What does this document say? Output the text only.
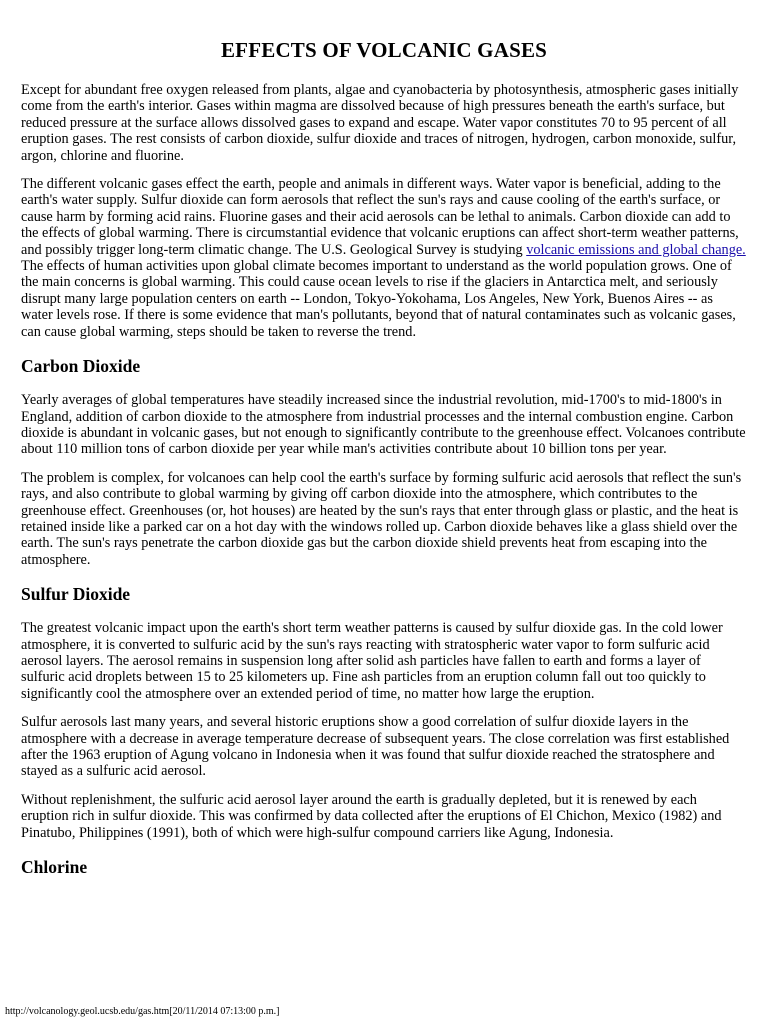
EFFECTS OF VOLCANIC GASES

Except for abundant free oxygen released from plants, algae and cyanobacteria by photosynthesis, atmospheric gases initially come from the earth's interior. Gases within magma are dissolved because of high pressures beneath the earth's surface, but reduced pressure at the surface allows dissolved gases to expand and escape. Water vapor constitutes 70 to 95 percent of all eruption gases. The rest consists of carbon dioxide, sulfur dioxide and traces of nitrogen, hydrogen, carbon monoxide, sulfur, argon, chlorine and fluorine.

The different volcanic gases effect the earth, people and animals in different ways. Water vapor is beneficial, adding to the earth's water supply. Sulfur dioxide can form aerosols that reflect the sun's rays and cause cooling of the earth's surface, or cause harm by forming acid rains. Fluorine gases and their acid aerosols can be lethal to animals. Carbon dioxide can add to the effects of global warming. There is circumstantial evidence that volcanic eruptions can affect short-term weather patterns, and possibly trigger long-term climatic change. The U.S. Geological Survey is studying volcanic emissions and global change. The effects of human activities upon global climate becomes important to understand as the world population grows. One of the main concerns is global warming. This could cause ocean levels to rise if the glaciers in Antarctica melt, and seriously disrupt many large population centers on earth -- London, Tokyo-Yokohama, Los Angeles, New York, Buenos Aires -- as water levels rose. If there is some evidence that man's pollutants, beyond that of natural contaminates such as volcanic gases, can cause global warming, steps should be taken to reverse the trend.

Carbon Dioxide

Yearly averages of global temperatures have steadily increased since the industrial revolution, mid-1700's to mid-1800's in England, addition of carbon dioxide to the atmosphere from industrial processes and the internal combustion engine. Carbon dioxide is abundant in volcanic gases, but not enough to significantly contribute to the greenhouse effect. Volcanoes contribute about 110 million tons of carbon dioxide per year while man's activities contribute about 10 billion tons per year.

The problem is complex, for volcanoes can help cool the earth's surface by forming sulfuric acid aerosols that reflect the sun's rays, and also contribute to global warming by giving off carbon dioxide into the atmosphere, which contributes to the greenhouse effect. Greenhouses (or, hot houses) are heated by the sun's rays that enter through glass or plastic, and the heat is retained inside like a parked car on a hot day with the windows rolled up. Carbon dioxide behaves like a glass shield over the earth. The sun's rays penetrate the carbon dioxide gas but the carbon dioxide shield prevents heat from escaping into the atmosphere.

Sulfur Dioxide

The greatest volcanic impact upon the earth's short term weather patterns is caused by sulfur dioxide gas. In the cold lower atmosphere, it is converted to sulfuric acid by the sun's rays reacting with stratospheric water vapor to form sulfuric acid aerosol layers. The aerosol remains in suspension long after solid ash particles have fallen to earth and forms a layer of sulfuric acid droplets between 15 to 25 kilometers up. Fine ash particles from an eruption column fall out too quickly to significantly cool the atmosphere over an extended period of time, no matter how large the eruption.

Sulfur aerosols last many years, and several historic eruptions show a good correlation of sulfur dioxide layers in the atmosphere with a decrease in average temperature decrease of subsequent years. The close correlation was first established after the 1963 eruption of Agung volcano in Indonesia when it was found that sulfur dioxide reached the stratosphere and stayed as a sulfuric acid aerosol.

Without replenishment, the sulfuric acid aerosol layer around the earth is gradually depleted, but it is renewed by each eruption rich in sulfur dioxide. This was confirmed by data collected after the eruptions of El Chichon, Mexico (1982) and Pinatubo, Philippines (1991), both of which were high-sulfur compound carriers like Agung, Indonesia.

Chlorine
http://volcanology.geol.ucsb.edu/gas.htm[20/11/2014 07:13:00 p.m.]
